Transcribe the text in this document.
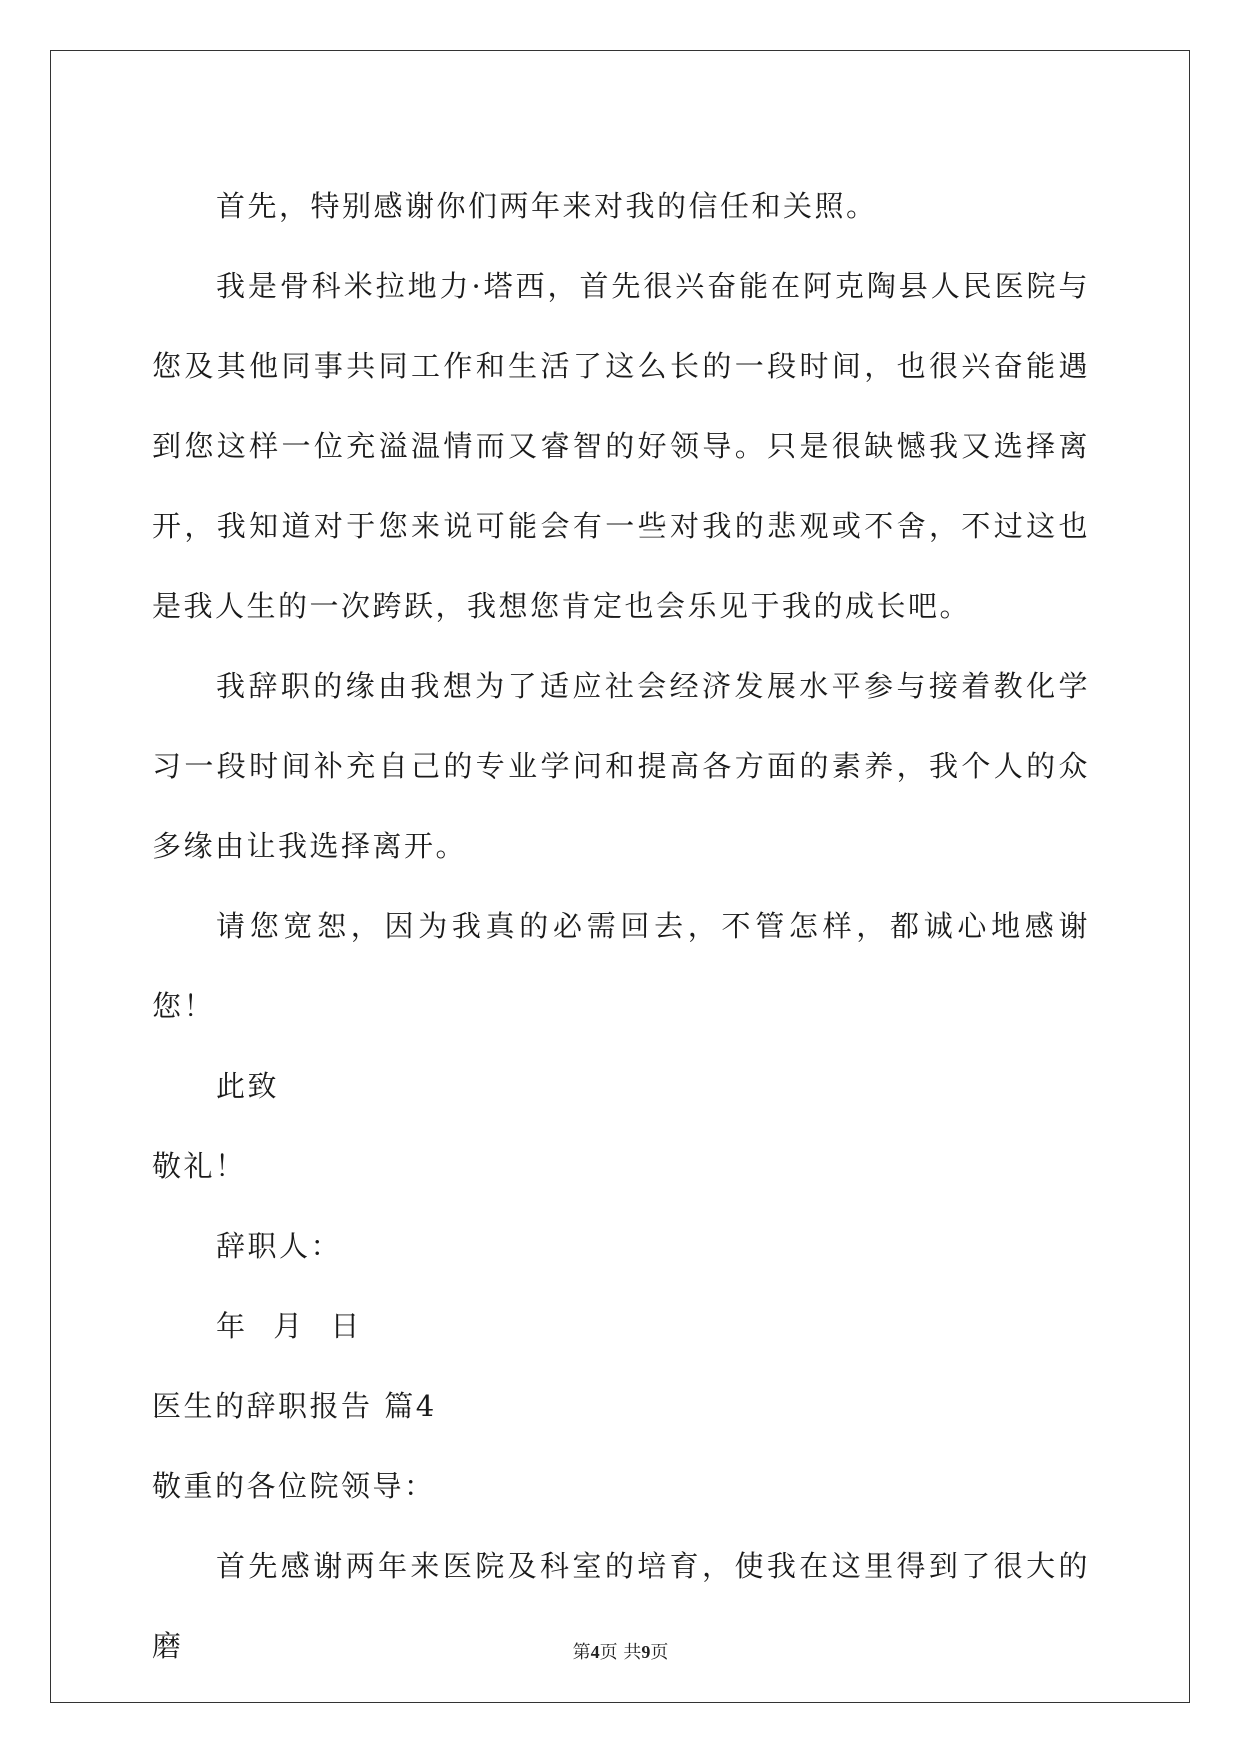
首先，特别感谢你们两年来对我的信任和关照。

我是骨科米拉地力·塔西，首先很兴奋能在阿克陶县人民医院与您及其他同事共同工作和生活了这么长的一段时间，也很兴奋能遇到您这样一位充溢温情而又睿智的好领导。只是很缺憾我又选择离开，我知道对于您来说可能会有一些对我的悲观或不舍，不过这也是我人生的一次跨跃，我想您肯定也会乐见于我的成长吧。

我辞职的缘由我想为了适应社会经济发展水平参与接着教化学习一段时间补充自己的专业学问和提高各方面的素养，我个人的众多缘由让我选择离开。

请您宽恕，因为我真的必需回去，不管怎样，都诚心地感谢您！

此致

敬礼！

辞职人：

年 月 日

医生的辞职报告 篇4

敬重的各位院领导：

首先感谢两年来医院及科室的培育，使我在这里得到了很大的磨	第4页 共9页
